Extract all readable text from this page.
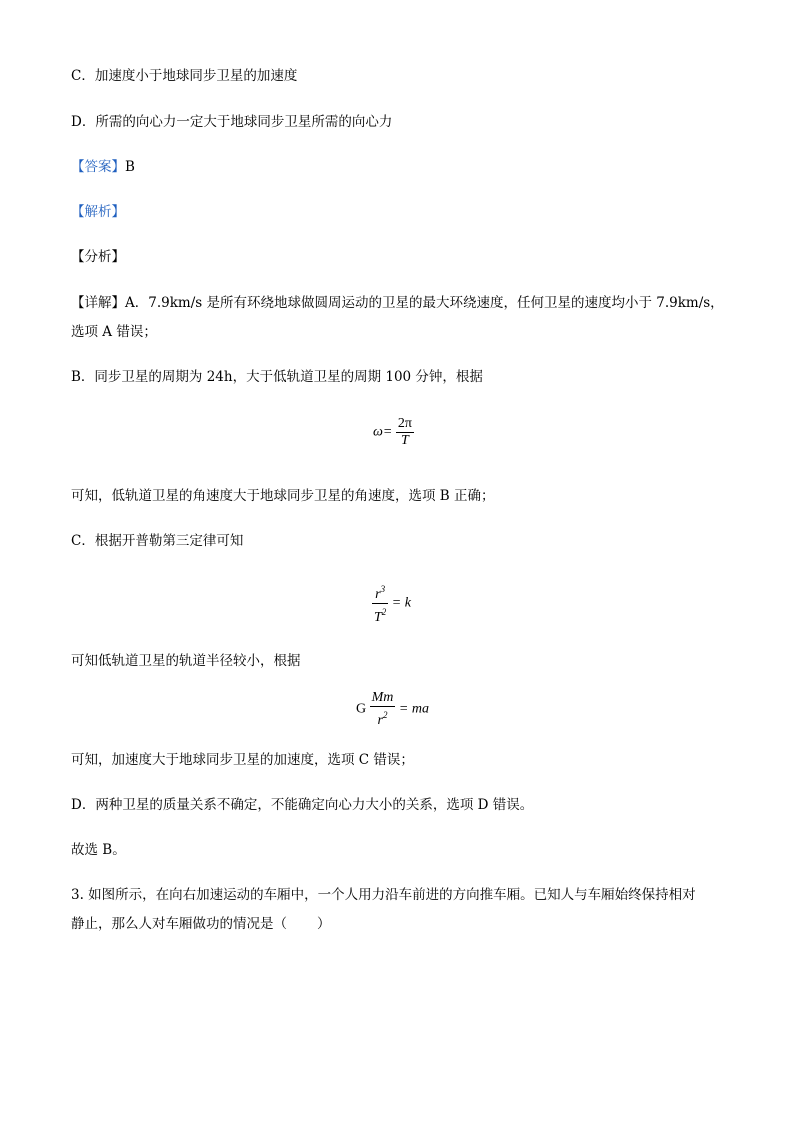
C．加速度小于地球同步卫星的加速度
D．所需的向心力一定大于地球同步卫星所需的向心力
【答案】B
【解析】
【分析】
【详解】A．7.9km/s 是所有环绕地球做圆周运动的卫星的最大环绕速度，任何卫星的速度均小于 7.9km/s，
选项 A 错误；
B．同步卫星的周期为 24h，大于低轨道卫星的周期 100 分钟，根据
$\omega= \frac{2\pi}{T}$
可知，低轨道卫星的角速度大于地球同步卫星的角速度，选项 B 正确；
C．根据开普勒第三定律可知
$\frac{r^3}{T^2} = k$
可知低轨道卫星的轨道半径较小，根据
G $\frac{Mm}{r^2}$ = ma
可知，加速度大于地球同步卫星的加速度，选项 C 错误；
D．两种卫星的质量关系不确定，不能确定向心力大小的关系，选项 D 错误。
故选 B。
3. 如图所示，在向右加速运动的车厢中，一个人用力沿车前进的方向推车厢。已知人与车厢始终保持相对
静止，那么人对车厢做功的情况是（ ）
